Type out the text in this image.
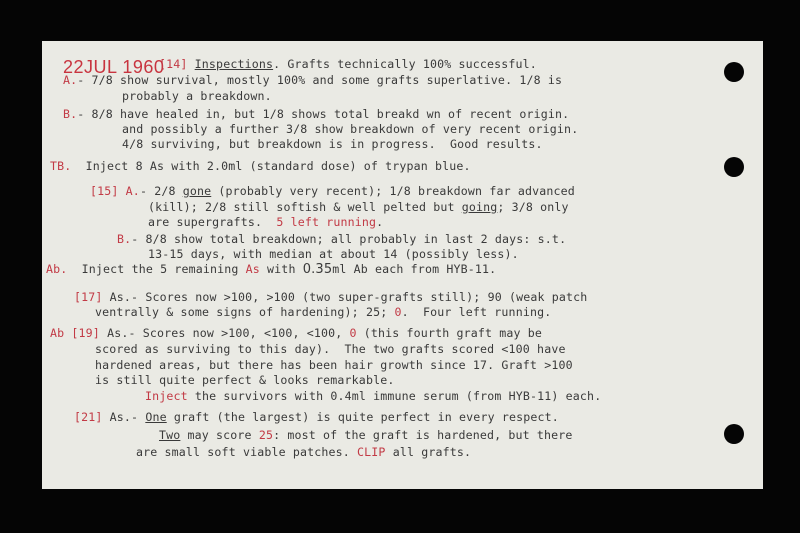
22JUL 1960
[14] Inspections. Grafts technically 100% successful.
A.- 7/8 show survival, mostly 100% and some grafts superlative. 1/8 is
probably a breakdown.
B.- 8/8 have healed in, but 1/8 shows total breakd wn of recent origin.
and possibly a further 3/8 show breakdown of very recent origin.
4/8 surviving, but breakdown is in progress.  Good results.
TB. Inject 8 As with 2.0ml (standard dose) of trypan blue.
[15] A.- 2/8 gone (probably very recent); 1/8 breakdown far advanced
(kill); 2/8 still softish & well pelted but going; 3/8 only
are supergrafts.  5 left running.
B.- 8/8 show total breakdown; all probably in last 2 days: s.t.
13-15 days, with median at about 14 (possibly less).
Ab. Inject the 5 remaining As with 0.35ml Ab each from HYB-11.
[17] As.- Scores now >100, >100 (two super-grafts still); 90 (weak patch
ventrally & some signs of hardening); 25; 0.  Four left running.
Ab [19] As.- Scores now >100, <100, <100, 0 (this fourth graft may be
scored as surviving to this day).  The two grafts scored <100 have
hardened areas, but there has been hair growth since 17. Graft >100
is still quite perfect & looks remarkable.
Inject the survivors with 0.4ml immune serum (from HYB-11) each.
[21] As.- One graft (the largest) is quite perfect in every respect.
Two may score 25: most of the graft is hardened, but there
are small soft viable patches. CLIP all grafts.
